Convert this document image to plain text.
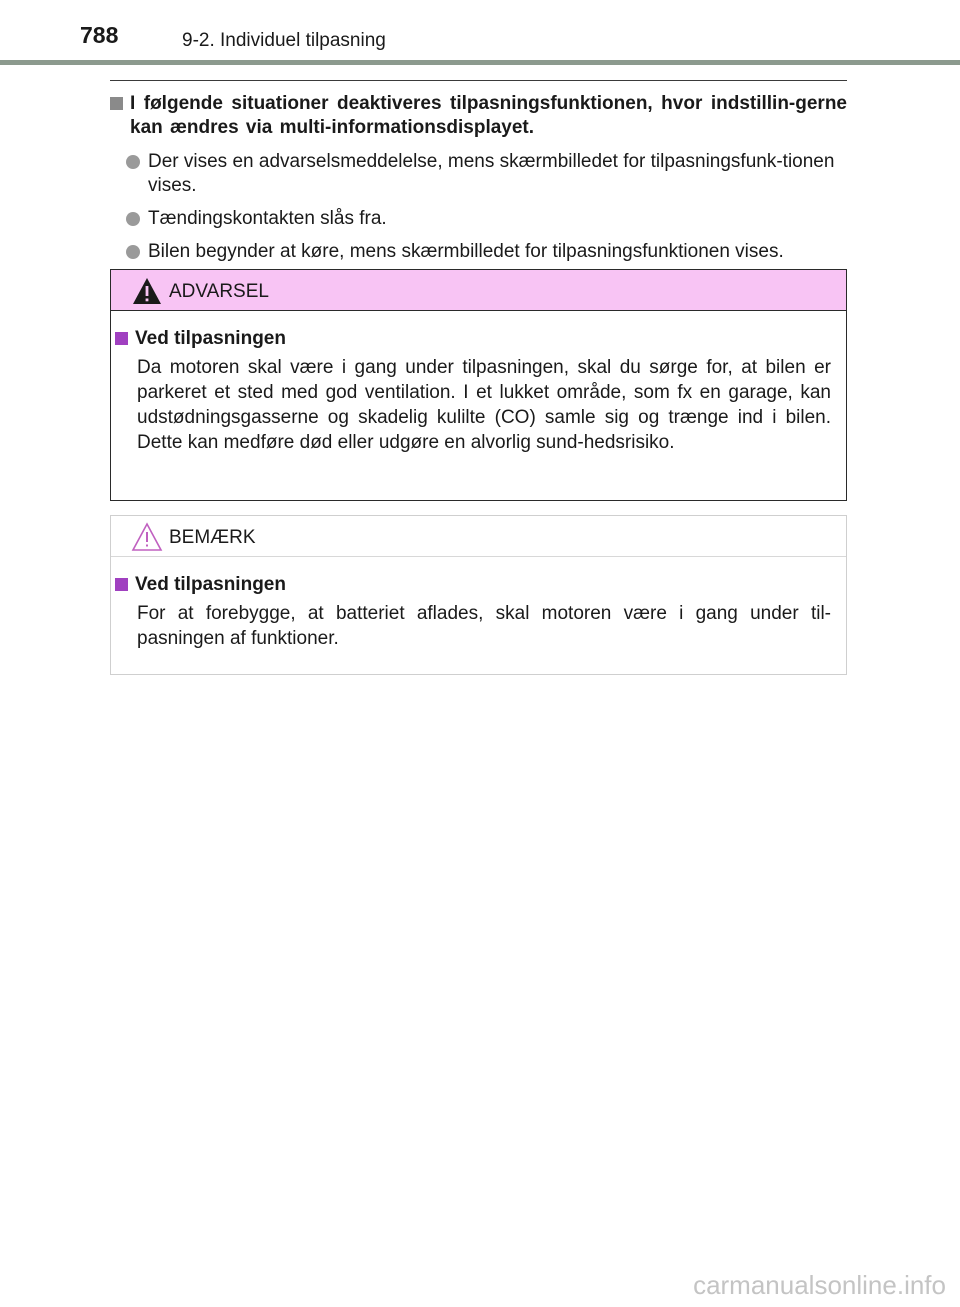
788	9-2. Individuel tilpasning
I følgende situationer deaktiveres tilpasningsfunktionen, hvor indstillin-gerne kan ændres via multi-informationsdisplayet.
Der vises en advarselsmeddelelse, mens skærmbilledet for tilpasningsfunk-tionen vises.
Tændingskontakten slås fra.
Bilen begynder at køre, mens skærmbilledet for tilpasningsfunktionen vises.
ADVARSEL
Ved tilpasningen

Da motoren skal være i gang under tilpasningen, skal du sørge for, at bilen er parkeret et sted med god ventilation. I et lukket område, som fx en garage, kan udstødningsgasserne og skadelig kulilte (CO) samle sig og trænge ind i bilen. Dette kan medføre død eller udgøre en alvorlig sund-hedsrisiko.

BEMÆRK
Ved tilpasningen

For at forebygge, at batteriet aflades, skal motoren være i gang under til-pasningen af funktioner.

carmanualsonline.info
